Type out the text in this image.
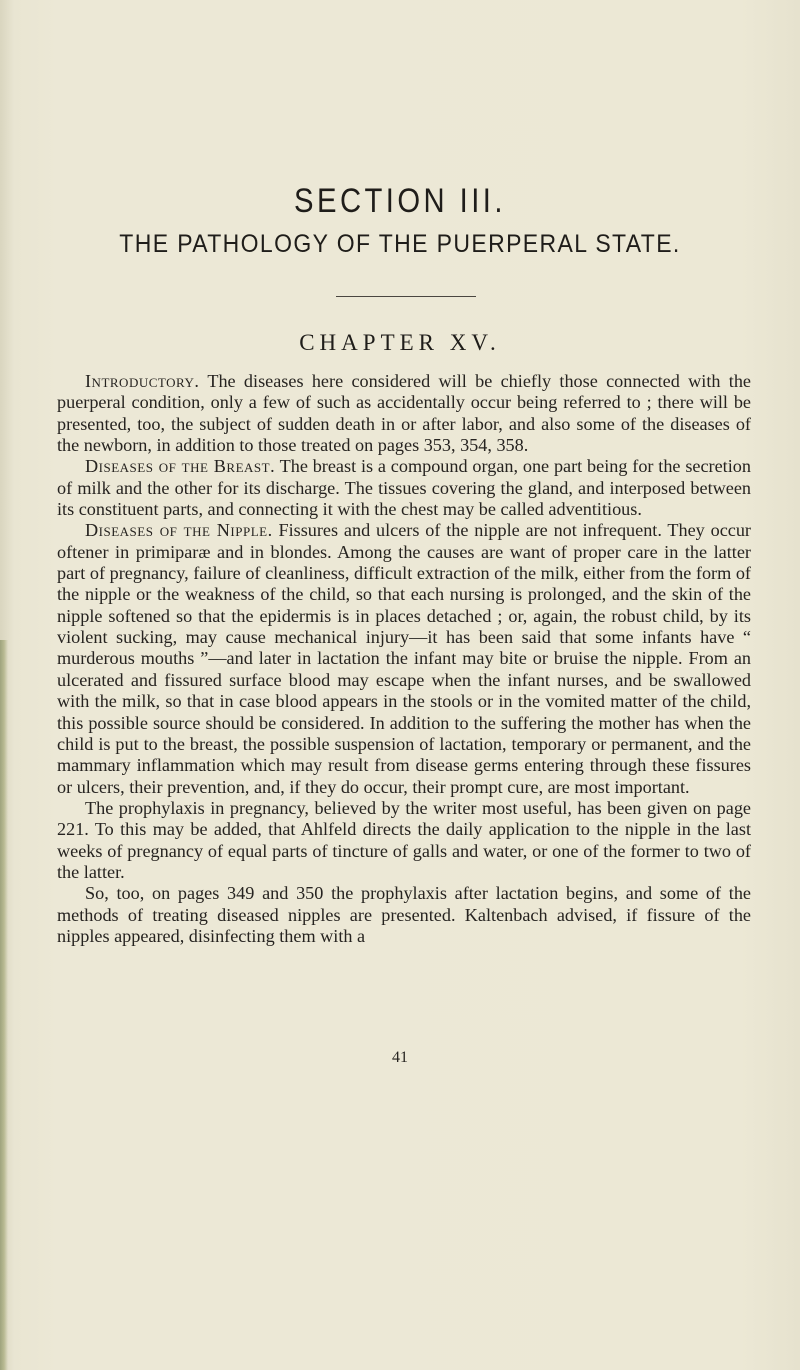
SECTION III.
THE PATHOLOGY OF THE PUERPERAL STATE.
CHAPTER XV.

Introductory. The diseases here considered will be chiefly those connected with the puerperal condition, only a few of such as accidentally occur being referred to ; there will be presented, too, the subject of sudden death in or after labor, and also some of the diseases of the newborn, in addition to those treated on pages 353, 354, 358.

Diseases of the Breast. The breast is a compound organ, one part being for the secretion of milk and the other for its discharge. The tissues covering the gland, and interposed between its constituent parts, and connecting it with the chest may be called adventitious.

Diseases of the Nipple. Fissures and ulcers of the nipple are not infrequent. They occur oftener in primiparæ and in blondes. Among the causes are want of proper care in the latter part of pregnancy, failure of cleanliness, difficult extraction of the milk, either from the form of the nipple or the weakness of the child, so that each nursing is prolonged, and the skin of the nipple softened so that the epidermis is in places detached ; or, again, the robust child, by its violent sucking, may cause mechanical injury—it has been said that some infants have “ murderous mouths ”—and later in lactation the infant may bite or bruise the nipple. From an ulcerated and fissured surface blood may escape when the infant nurses, and be swallowed with the milk, so that in case blood appears in the stools or in the vomited matter of the child, this possible source should be considered. In addition to the suffering the mother has when the child is put to the breast, the possible suspension of lactation, temporary or permanent, and the mammary inflammation which may result from disease germs entering through these fissures or ulcers, their prevention, and, if they do occur, their prompt cure, are most important.

The prophylaxis in pregnancy, believed by the writer most useful, has been given on page 221. To this may be added, that Ahlfeld directs the daily application to the nipple in the last weeks of pregnancy of equal parts of tincture of galls and water, or one of the former to two of the latter.

So, too, on pages 349 and 350 the prophylaxis after lactation begins, and some of the methods of treating diseased nipples are presented. Kaltenbach advised, if fissure of the nipples appeared, disinfecting them with a

41
